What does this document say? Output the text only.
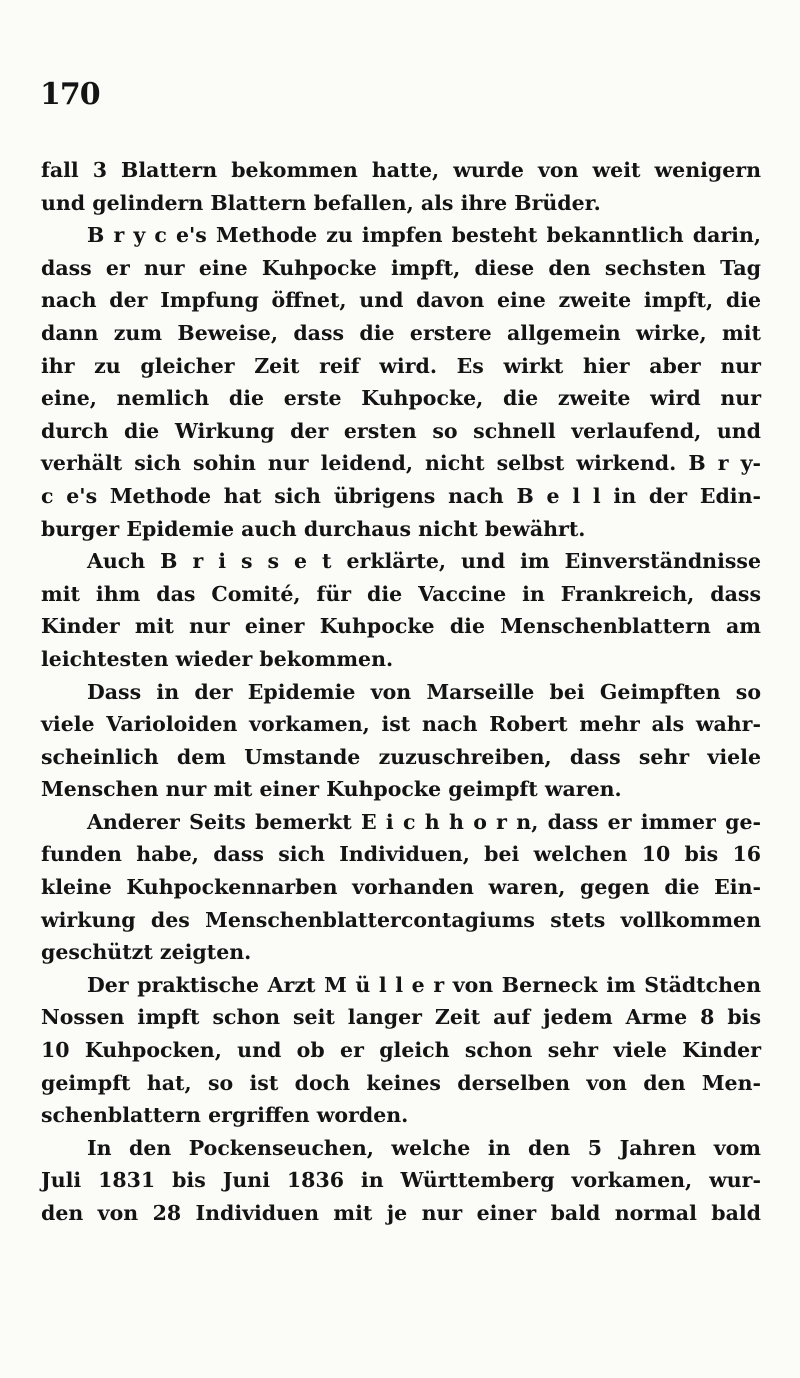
170
fall 3 Blattern bekommen hatte, wurde von weit wenigern
und gelindern Blattern befallen, als ihre Brüder.
B r y c e's Methode zu impfen besteht bekanntlich darin,
dass er nur eine Kuhpocke impft, diese den sechsten Tag
nach der Impfung öffnet, und davon eine zweite impft, die
dann zum Beweise, dass die erstere allgemein wirke, mit
ihr zu gleicher Zeit reif wird. Es wirkt hier aber nur
eine, nemlich die erste Kuhpocke, die zweite wird nur
durch die Wirkung der ersten so schnell verlaufend, und
verhält sich sohin nur leidend, nicht selbst wirkend. B r y-
c e's Methode hat sich übrigens nach B e l l in der Edin-
burger Epidemie auch durchaus nicht bewährt.
Auch B r i s s e t erklärte, und im Einverständnisse
mit ihm das Comité, für die Vaccine in Frankreich, dass
Kinder mit nur einer Kuhpocke die Menschenblattern am
leichtesten wieder bekommen.
Dass in der Epidemie von Marseille bei Geimpften so
viele Varioloiden vorkamen, ist nach Robert mehr als wahr-
scheinlich dem Umstande zuzuschreiben, dass sehr viele
Menschen nur mit einer Kuhpocke geimpft waren.
Anderer Seits bemerkt E i c h h o r n, dass er immer ge-
funden habe, dass sich Individuen, bei welchen 10 bis 16
kleine Kuhpockennarben vorhanden waren, gegen die Ein-
wirkung des Menschenblattercontagiums stets vollkommen
geschützt zeigten.
Der praktische Arzt M ü l l e r von Berneck im Städtchen
Nossen impft schon seit langer Zeit auf jedem Arme 8 bis
10 Kuhpocken, und ob er gleich schon sehr viele Kinder
geimpft hat, so ist doch keines derselben von den Men-
schenblattern ergriffen worden.
In den Pockenseuchen, welche in den 5 Jahren vom
Juli 1831 bis Juni 1836 in Württemberg vorkamen, wur-
den von 28 Individuen mit je nur einer bald normal bald
